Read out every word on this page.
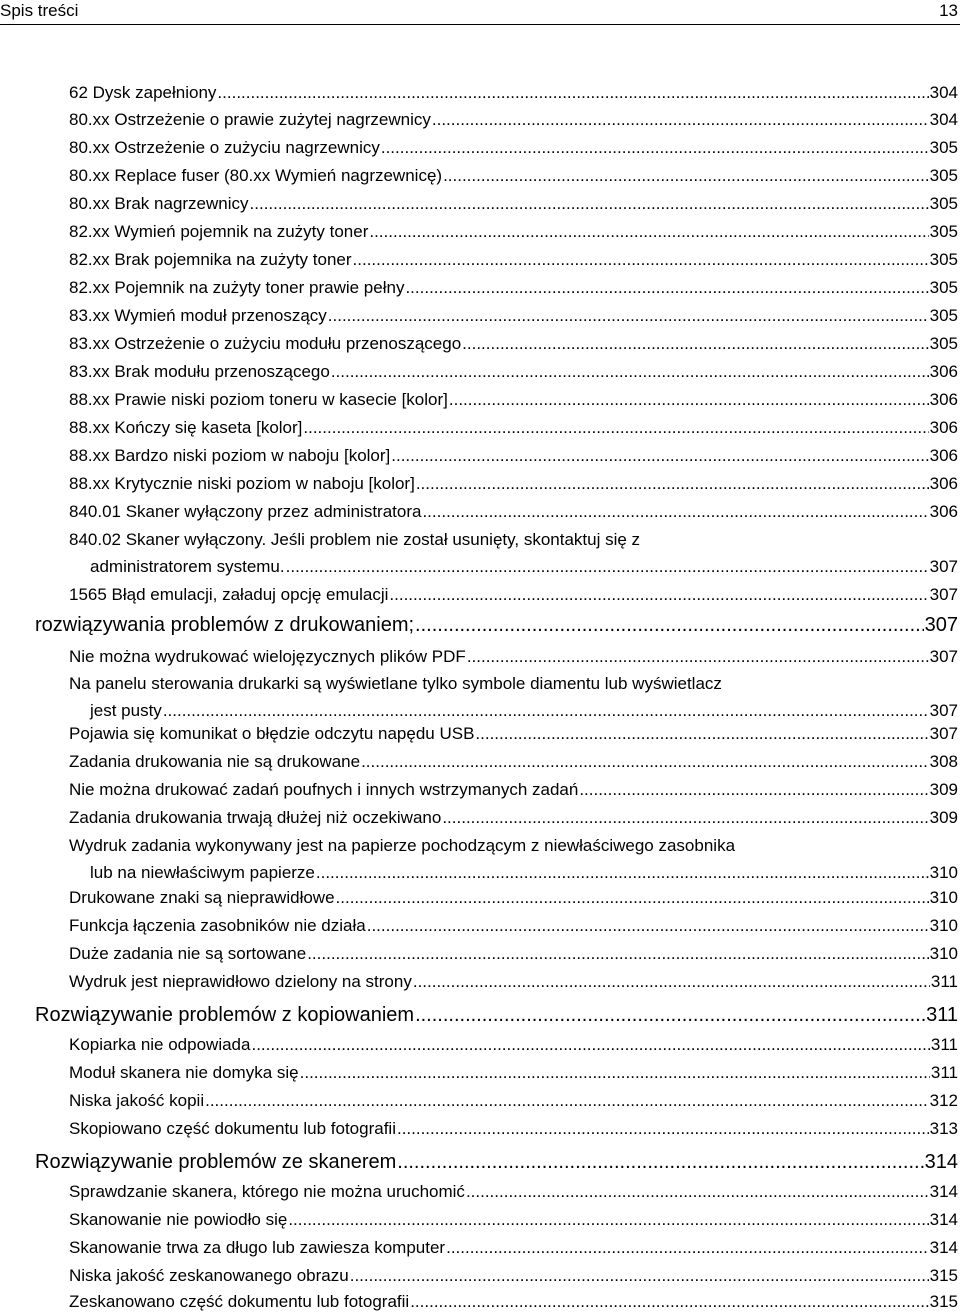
Spis treści	13
62 Dysk zapełniony .....	304
80.xx Ostrzeżenie o prawie zużytej nagrzewnicy .....	304
80.xx Ostrzeżenie o zużyciu nagrzewnicy .....	305
80.xx Replace fuser (80.xx Wymień nagrzewnicę) .....	305
80.xx Brak nagrzewnicy .....	305
82.xx Wymień pojemnik na zużyty toner .....	305
82.xx Brak pojemnika na zużyty toner .....	305
82.xx Pojemnik na zużyty toner prawie pełny .....	305
83.xx Wymień moduł przenoszący .....	305
83.xx Ostrzeżenie o zużyciu modułu przenoszącego .....	305
83.xx Brak modułu przenoszącego .....	306
88.xx Prawie niski poziom toneru w kasecie [kolor] .....	306
88.xx Kończy się kaseta [kolor] .....	306
88.xx Bardzo niski poziom w naboju [kolor] .....	306
88.xx Krytycznie niski poziom w naboju [kolor] .....	306
840.01 Skaner wyłączony przez administratora .....	306
840.02 Skaner wyłączony. Jeśli problem nie został usunięty, skontaktuj się z
administratorem systemu. .....	307
1565 Błąd emulacji, załaduj opcję emulacji .....	307
rozwiązywania problemów z drukowaniem; .....	307
Nie można wydrukować wielojęzycznych plików PDF .....	307
Na panelu sterowania drukarki są wyświetlane tylko symbole diamentu lub wyświetlacz
jest pusty .....	307
Pojawia się komunikat o błędzie odczytu napędu USB .....	307
Zadania drukowania nie są drukowane .....	308
Nie można drukować zadań poufnych i innych wstrzymanych zadań .....	309
Zadania drukowania trwają dłużej niż oczekiwano .....	309
Wydruk zadania wykonywany jest na papierze pochodzącym z niewłaściwego zasobnika
lub na niewłaściwym papierze .....	310
Drukowane znaki są nieprawidłowe .....	310
Funkcja łączenia zasobników nie działa .....	310
Duże zadania nie są sortowane .....	310
Wydruk jest nieprawidłowo dzielony na strony .....	311
Rozwiązywanie problemów z kopiowaniem .....	311
Kopiarka nie odpowiada .....	311
Moduł skanera nie domyka się .....	311
Niska jakość kopii .....	312
Skopiowano część dokumentu lub fotografii .....	313
Rozwiązywanie problemów ze skanerem .....	314
Sprawdzanie skanera, którego nie można uruchomić .....	314
Skanowanie nie powiodło się .....	314
Skanowanie trwa za długo lub zawiesza komputer .....	314
Niska jakość zeskanowanego obrazu .....	315
Zeskanowano część dokumentu lub fotografii .....	315
